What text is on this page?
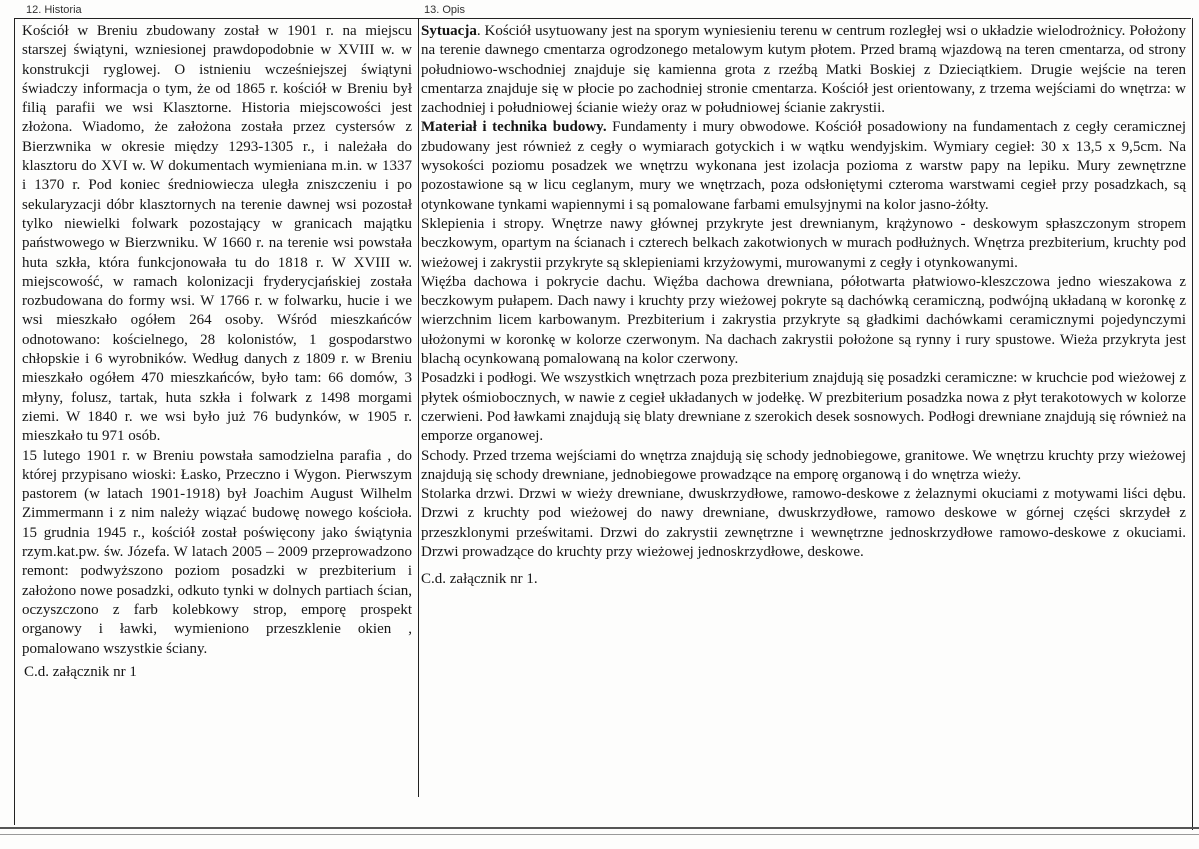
12. Historia	13. Opis

Kościół w Breniu zbudowany został w 1901 r. na miejscu starszej świątyni, wzniesionej prawdopodobnie w XVIII w. w konstrukcji ryglowej. O istnieniu wcześniejszej świątyni świadczy informacja o tym, że od 1865 r. kościół w Breniu był filią parafii we wsi Klasztorne. Historia miejscowości jest złożona. Wiadomo, że założona została przez cystersów z Bierzwnika w okresie między 1293-1305 r., i należała do klasztoru do XVI w. W dokumentach wymieniana m.in. w 1337 i 1370 r. Pod koniec średniowiecza uległa zniszczeniu i po sekularyzacji dóbr klasztornych na terenie dawnej wsi pozostał tylko niewielki folwark pozostający w granicach majątku państwowego w Bierzwniku. W 1660 r. na terenie wsi powstała huta szkła, która funkcjonowała tu do 1818 r. W XVIII w. miejscowość, w ramach kolonizacji fryderycjańskiej została rozbudowana do formy wsi. W 1766 r. w folwarku, hucie i we wsi mieszkało ogółem 264 osoby. Wśród mieszkańców odnotowano: kościelnego, 28 kolonistów, 1 gospodarstwo chłopskie i 6 wyrobników. Według danych z 1809 r. w Breniu mieszkało ogółem 470 mieszkańców, było tam: 66 domów, 3 młyny, folusz, tartak, huta szkła i folwark z 1498 morgami ziemi. W 1840 r. we wsi było już 76 budynków, w 1905 r. mieszkało tu 971 osób.

15 lutego 1901 r. w Breniu powstała samodzielna parafia , do której przypisano wioski: Łasko, Przeczno i Wygon. Pierwszym pastorem (w latach 1901-1918) był Joachim August Wilhelm Zimmermann i z nim należy wiązać budowę nowego kościoła. 15 grudnia 1945 r., kościół został poświęcony jako świątynia rzym.kat.pw. św. Józefa. W latach 2005 – 2009 przeprowadzono remont: podwyższono poziom posadzki w prezbiterium i założono nowe posadzki, odkuto tynki w dolnych partiach ścian, oczyszczono z farb kolebkowy strop, emporę prospekt organowy i ławki, wymieniono przeszklenie okien , pomalowano wszystkie ściany.

C.d. załącznik nr 1

Sytuacja. Kościół usytuowany jest na sporym wyniesieniu terenu w centrum rozległej wsi o układzie wielodrożnicy. Położony na terenie dawnego cmentarza ogrodzonego metalowym kutym płotem. Przed bramą wjazdową na teren cmentarza, od strony południowo-wschodniej znajduje się kamienna grota z rzeźbą Matki Boskiej z Dzieciątkiem. Drugie wejście na teren cmentarza znajduje się w płocie po zachodniej stronie cmentarza. Kościół jest orientowany, z trzema wejściami do wnętrza: w zachodniej i południowej ścianie wieży oraz w południowej ścianie zakrystii.

Materiał i technika budowy. Fundamenty i mury obwodowe. Kościół posadowiony na fundamentach z cegły ceramicznej zbudowany jest również z cegły o wymiarach gotyckich i w wątku wendyjskim. Wymiary cegieł: 30 x 13,5 x 9,5cm. Na wysokości poziomu posadzek we wnętrzu wykonana jest izolacja pozioma z warstw papy na lepiku. Mury zewnętrzne pozostawione są w licu ceglanym, mury we wnętrzach, poza odsłoniętymi czteroma warstwami cegieł przy posadzkach, są otynkowane tynkami wapiennymi i są pomalowane farbami emulsyjnymi na kolor jasno-żółty.

Sklepienia i stropy. Wnętrze nawy głównej przykryte jest drewnianym, krążynowo - deskowym spłaszczonym stropem beczkowym, opartym na ścianach i czterech belkach zakotwionych w murach podłużnych. Wnętrza prezbiterium, kruchty pod wieżowej i zakrystii przykryte są sklepieniami krzyżowymi, murowanymi z cegły i otynkowanymi.

Więźba dachowa i pokrycie dachu. Więźba dachowa drewniana, półotwarta płatwiowo-kleszczowa jedno wieszakowa z beczkowym pułapem. Dach nawy i kruchty przy wieżowej pokryte są dachówką ceramiczną, podwójną układaną w koronkę z wierzchnim licem karbowanym. Prezbiterium i zakrystia przykryte są gładkimi dachówkami ceramicznymi pojedynczymi ułożonymi w koronkę w kolorze czerwonym. Na dachach zakrystii położone są rynny i rury spustowe. Wieża przykryta jest blachą ocynkowaną pomalowaną na kolor czerwony.

Posadzki i podłogi. We wszystkich wnętrzach poza prezbiterium znajdują się posadzki ceramiczne: w kruchcie pod wieżowej z płytek ośmiobocznych, w nawie z cegieł układanych w jodełkę. W prezbiterium posadzka nowa z płyt terakotowych w kolorze czerwieni. Pod ławkami znajdują się blaty drewniane z szerokich desek sosnowych. Podłogi drewniane znajdują się również na emporze organowej.

Schody. Przed trzema wejściami do wnętrza znajdują się schody jednobiegowe, granitowe. We wnętrzu kruchty przy wieżowej znajdują się schody drewniane, jednobiegowe prowadzące na emporę organową i do wnętrza wieży.

Stolarka drzwi. Drzwi w wieży drewniane, dwuskrzydłowe, ramowo-deskowe z żelaznymi okuciami z motywami liści dębu. Drzwi z kruchty pod wieżowej do nawy drewniane, dwuskrzydłowe, ramowo deskowe w górnej części skrzydeł z przeszklonymi prześwitami. Drzwi do zakrystii zewnętrzne i wewnętrzne jednoskrzydłowe ramowo-deskowe z okuciami. Drzwi prowadzące do kruchty przy wieżowej jednoskrzydłowe, deskowe.

C.d. załącznik nr 1.
